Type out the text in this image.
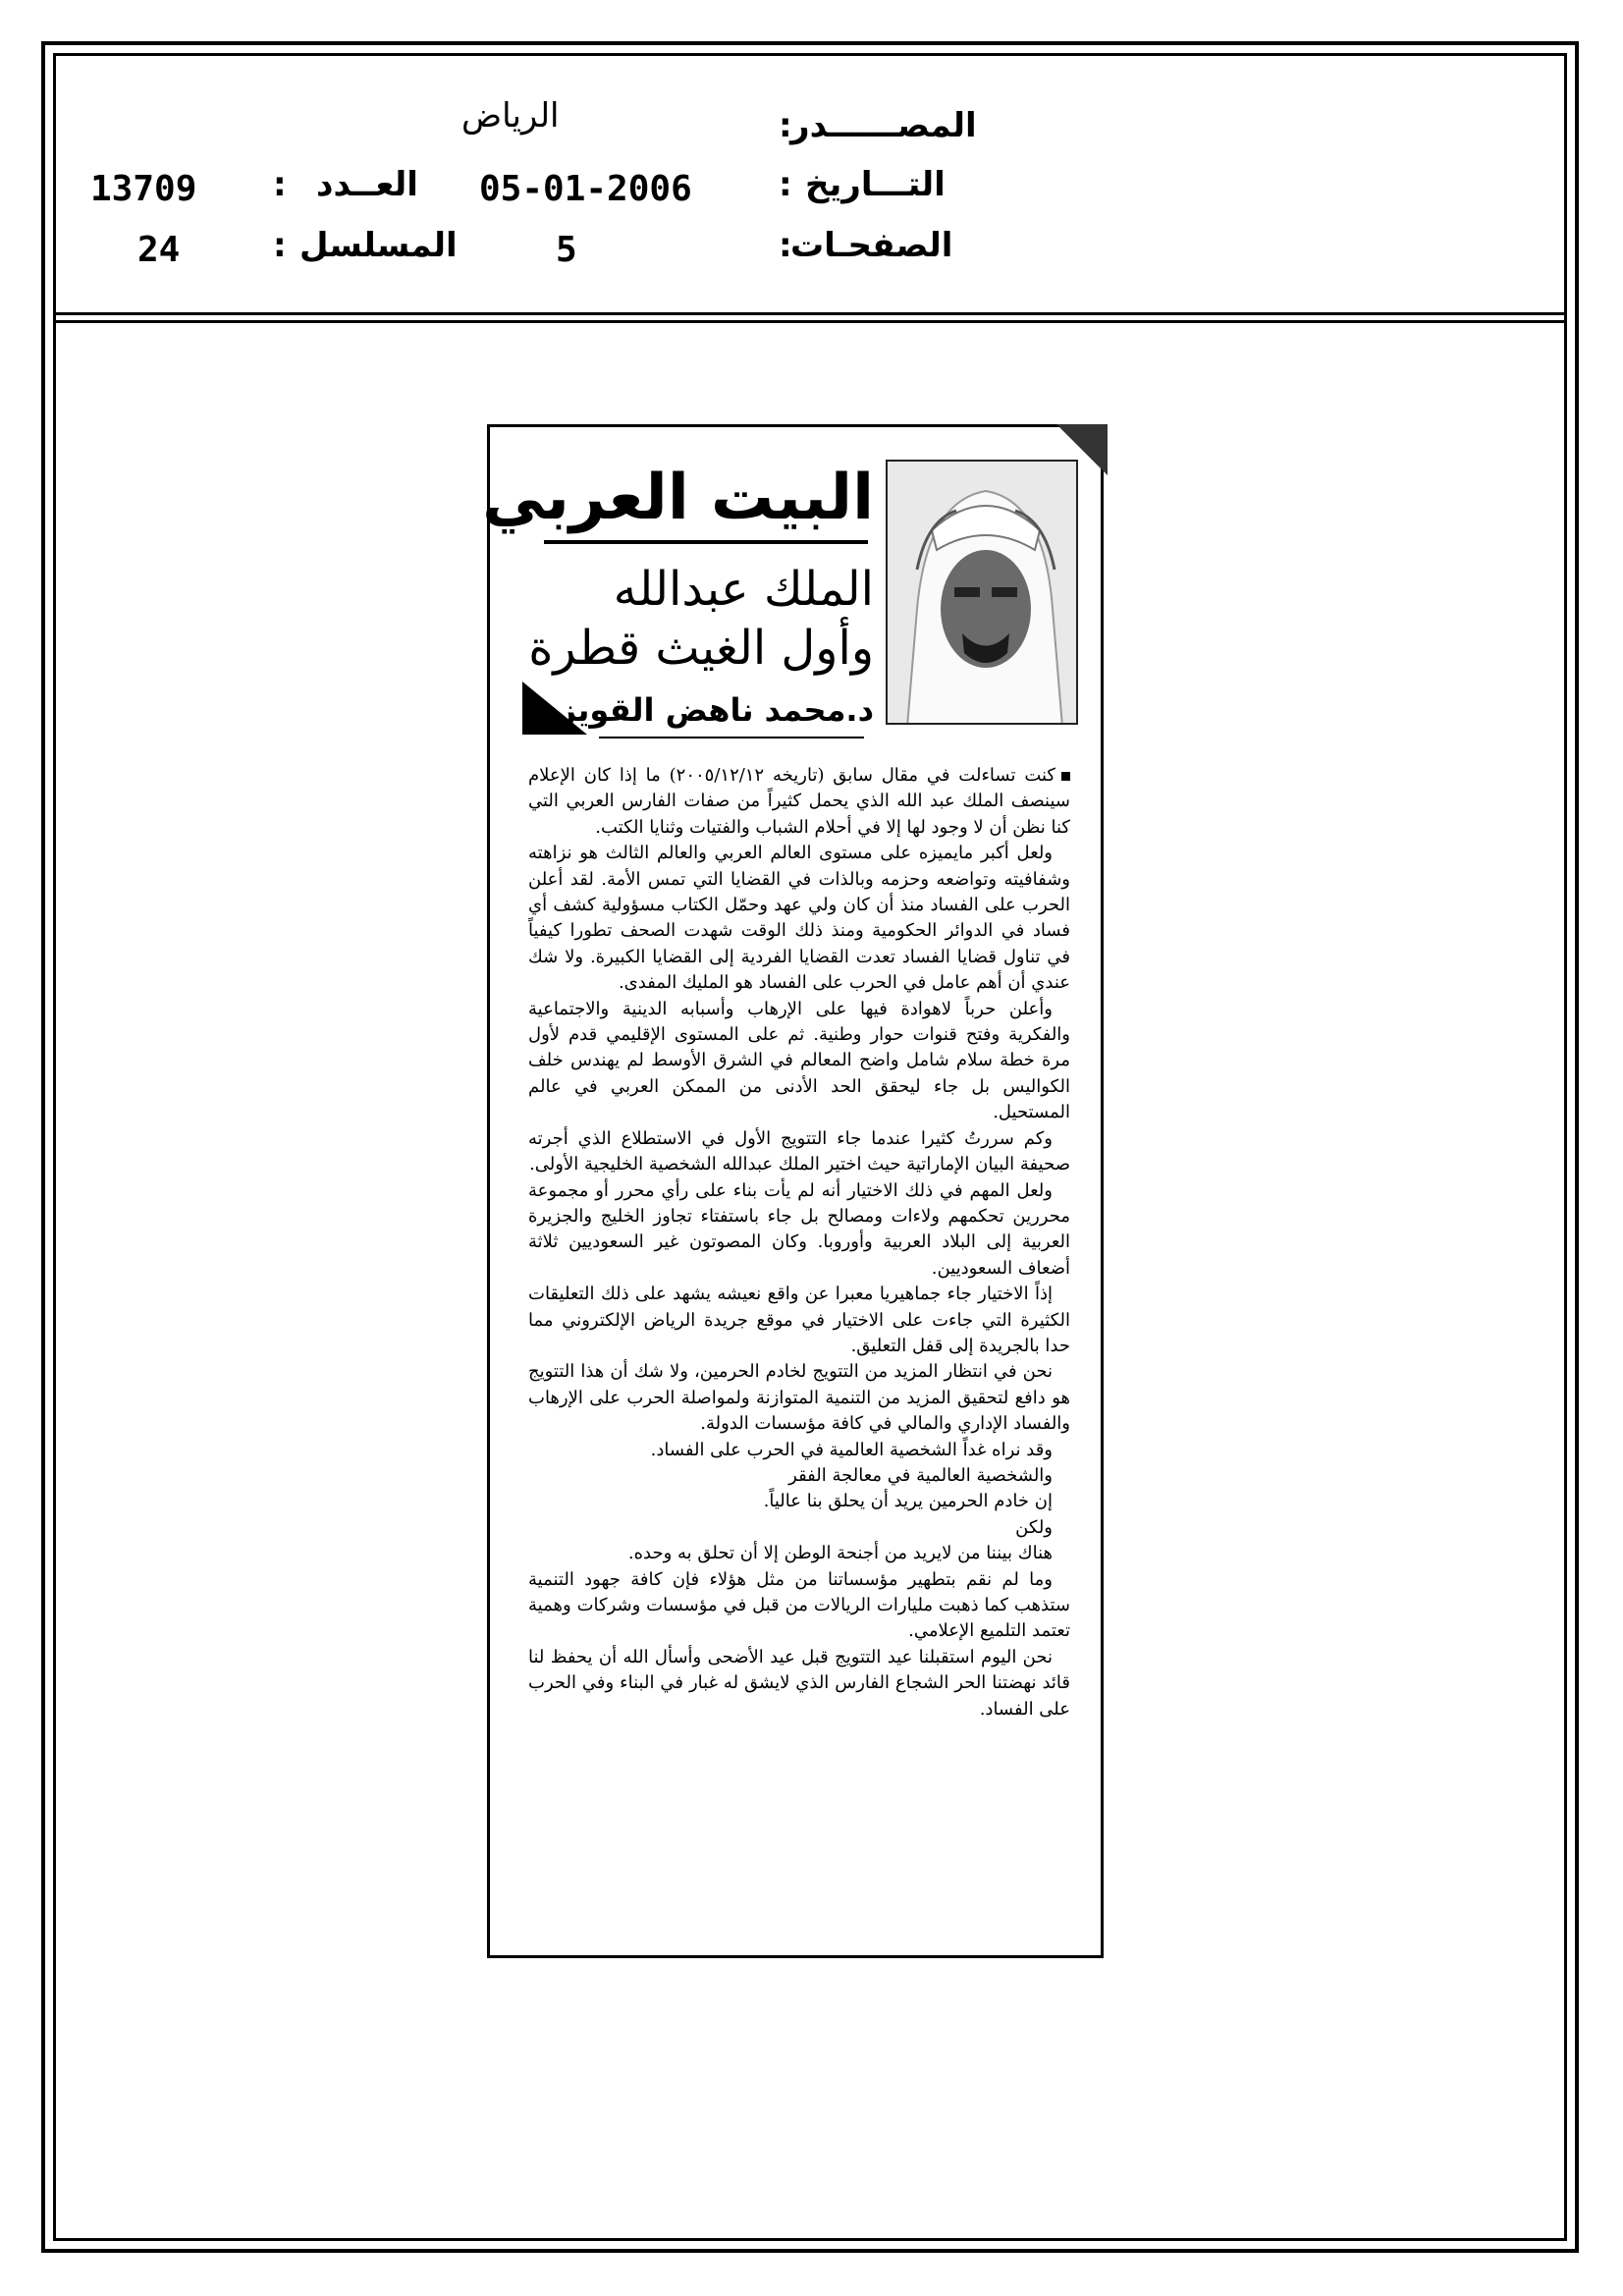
المصــــــدر
:
الرياض
التـــاريخ
:
05-01-2006
العــدد
:
13709
الصفحـات
:
5
المسلسل
:
24
البيت العربي
الملك عبدالله
وأول الغيث قطرة
د.محمد ناهض القويز

كنت تساءلت في مقال سابق (تاريخه ٢٠٠٥/١٢/١٢) ما إذا كان الإعلام سينصف الملك عبد الله الذي يحمل كثيراً من صفات الفارس العربي التي كنا نظن أن لا وجود لها إلا في أحلام الشباب والفتيات وثنايا الكتب.

ولعل أكبر مايميزه على مستوى العالم العربي والعالم الثالث هو نزاهته وشفافيته وتواضعه وحزمه وبالذات في القضايا التي تمس الأمة. لقد أعلن الحرب على الفساد منذ أن كان ولي عهد وحمّل الكتاب مسؤولية كشف أي فساد في الدوائر الحكومية ومنذ ذلك الوقت شهدت الصحف تطورا كيفياً في تناول قضايا الفساد تعدت القضايا الفردية إلى القضايا الكبيرة. ولا شك عندي أن أهم عامل في الحرب على الفساد هو المليك المفدى.

وأعلن حرباً لاهوادة فيها على الإرهاب وأسبابه الدينية والاجتماعية والفكرية وفتح قنوات حوار وطنية. ثم على المستوى الإقليمي قدم لأول مرة خطة سلام شامل واضح المعالم في الشرق الأوسط لم يهندس خلف الكواليس بل جاء ليحقق الحد الأدنى من الممكن العربي في عالم المستحيل.

وكم سررتُ كثيرا عندما جاء التتويج الأول في الاستطلاع الذي أجرته صحيفة البيان الإماراتية حيث اختير الملك عبدالله الشخصية الخليجية الأولى.

ولعل المهم في ذلك الاختيار أنه لم يأت بناء على رأي محرر أو مجموعة محررين تحكمهم ولاءات ومصالح بل جاء باستفتاء تجاوز الخليج والجزيرة العربية إلى البلاد العربية وأوروبا. وكان المصوتون غير السعوديين ثلاثة أضعاف السعوديين.

إذاً الاختيار جاء جماهيريا معبرا عن واقع نعيشه يشهد على ذلك التعليقات الكثيرة التي جاءت على الاختيار في موقع جريدة الرياض الإلكتروني مما حدا بالجريدة إلى قفل التعليق.

نحن في انتظار المزيد من التتويج لخادم الحرمين، ولا شك أن هذا التتويج هو دافع لتحقيق المزيد من التنمية المتوازنة ولمواصلة الحرب على الإرهاب والفساد الإداري والمالي في كافة مؤسسات الدولة.

وقد نراه غداً الشخصية العالمية في الحرب على الفساد.

والشخصية العالمية في معالجة الفقر

إن خادم الحرمين يريد أن يحلق بنا عالياً.

ولكن

هناك بيننا من لايريد من أجنحة الوطن إلا أن تحلق به وحده.

وما لم نقم بتطهير مؤسساتنا من مثل هؤلاء فإن كافة جهود التنمية ستذهب كما ذهبت مليارات الريالات من قبل في مؤسسات وشركات وهمية تعتمد التلميع الإعلامي.

نحن اليوم استقبلنا عيد التتويج قبل عيد الأضحى وأسأل الله أن يحفظ لنا قائد نهضتنا الحر الشجاع الفارس الذي لايشق له غبار في البناء وفي الحرب على الفساد.
